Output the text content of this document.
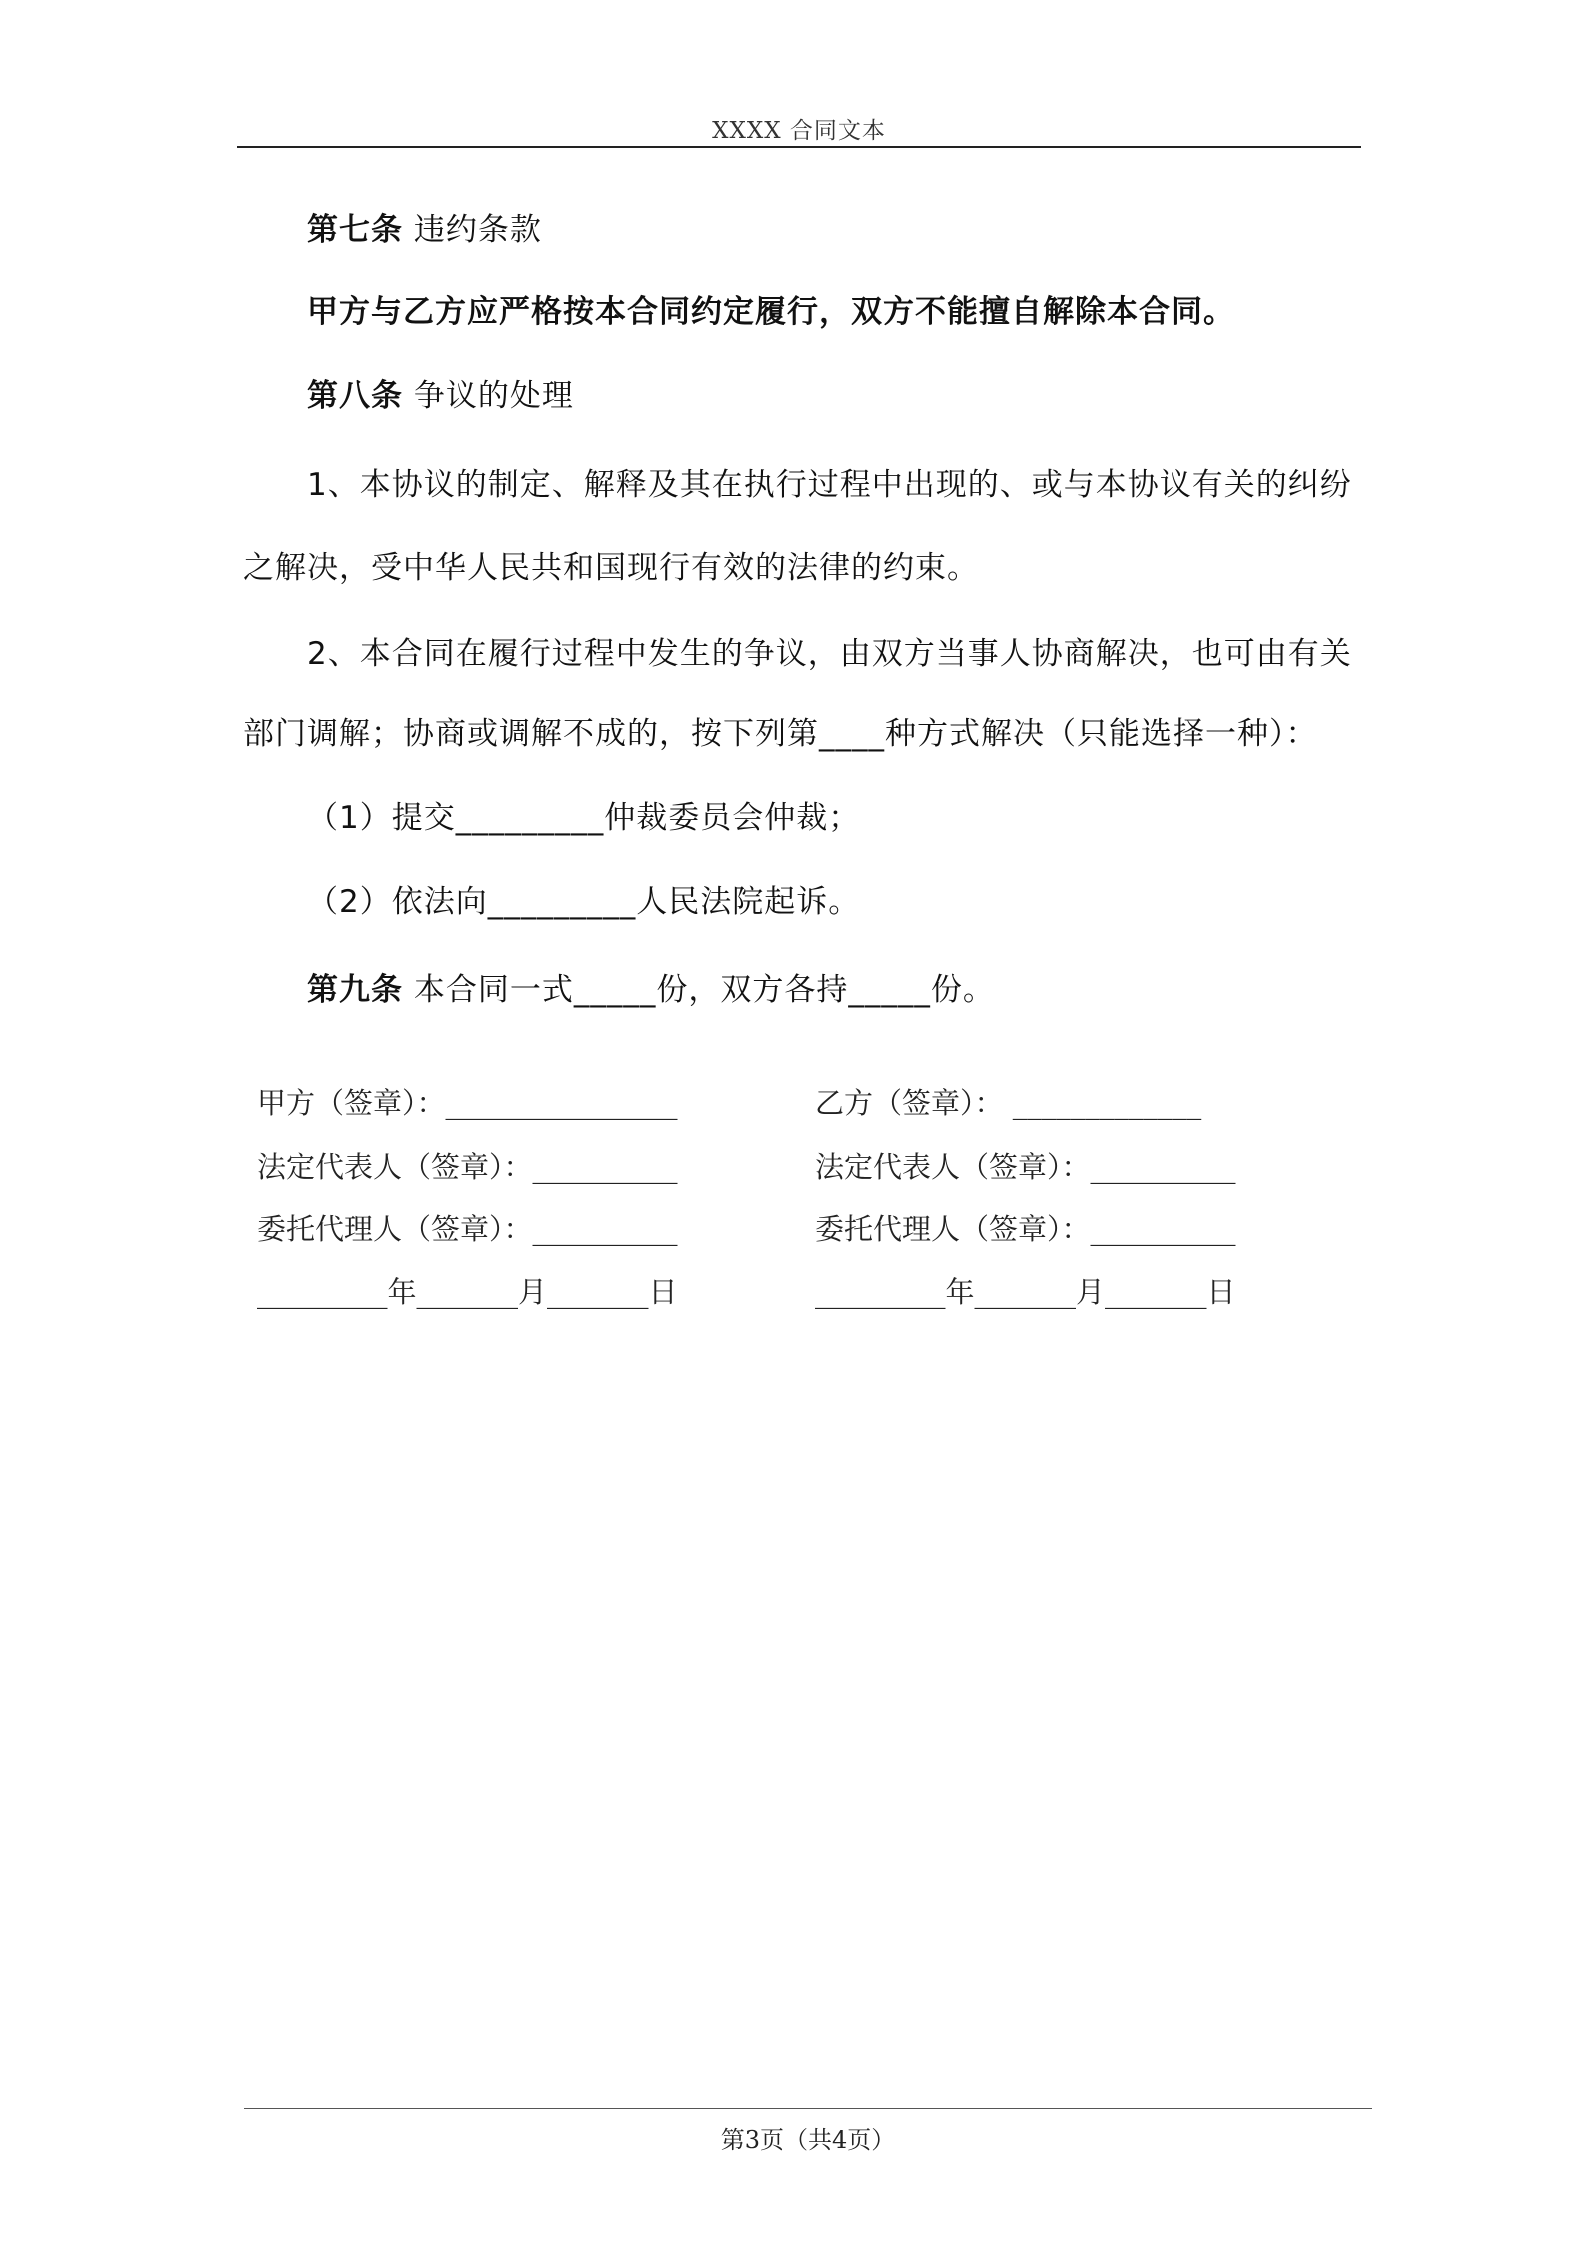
XXXX 合同文本
第七条 违约条款
甲方与乙方应严格按本合同约定履行，双方不能擅自解除本合同。
第八条 争议的处理
1、本协议的制定、解释及其在执行过程中出现的、或与本协议有关的纠纷
之解决，受中华人民共和国现行有效的法律的约束。
2、本合同在履行过程中发生的争议，由双方当事人协商解决，也可由有关
部门调解；协商或调解不成的，按下列第____种方式解决（只能选择一种）：
（1）提交_________仲裁委员会仲裁；
（2）依法向_________人民法院起诉。
第九条 本合同一式_____份，双方各持_____份。
甲方（签章）：________________
法定代表人（签章）：__________
委托代理人（签章）：__________
_________年_______月_______日
乙方（签章）： _____________
法定代表人（签章）：__________
委托代理人（签章）：__________
_________年_______月_______日
第3页（共4页）
